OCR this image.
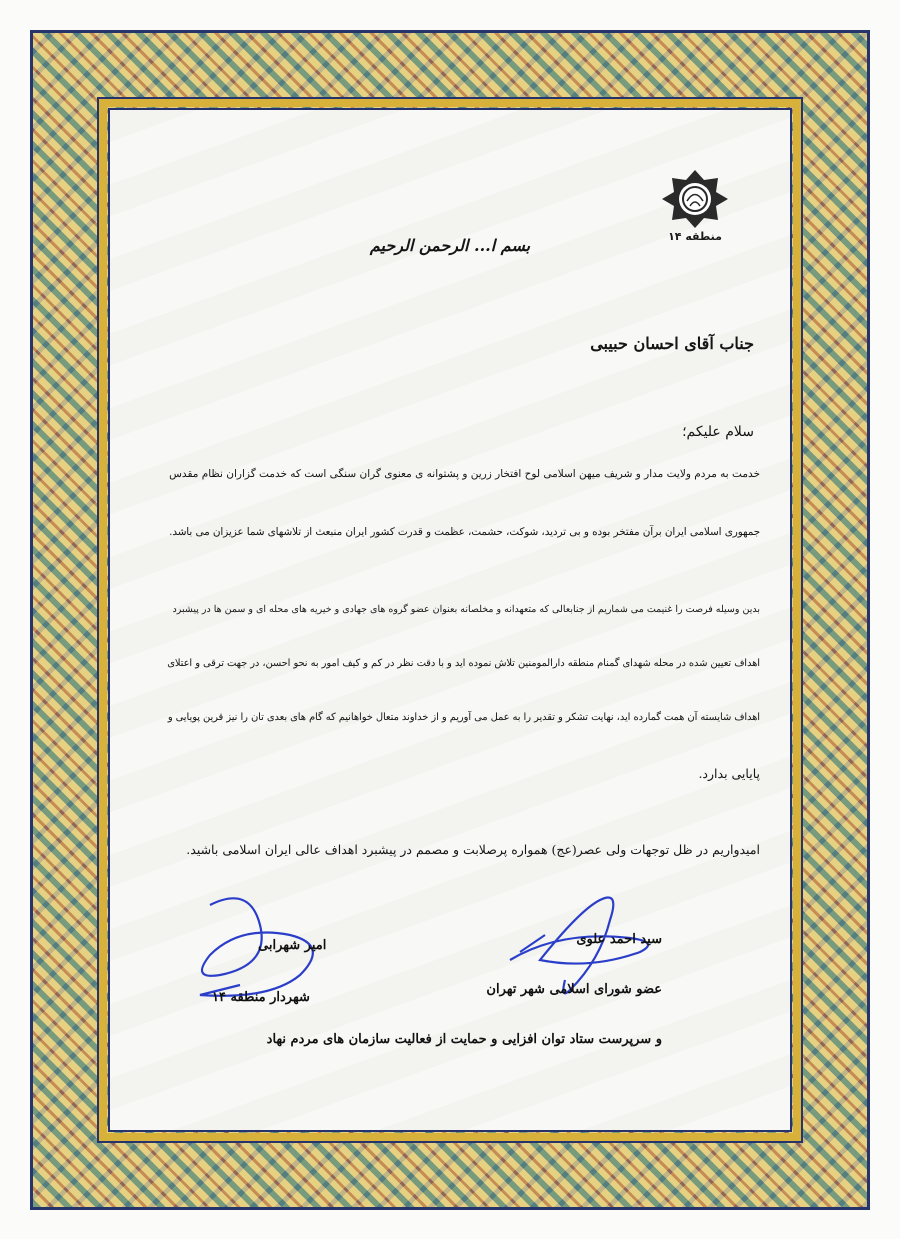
منطقه ۱۴
بسم ا... الرحمن الرحیم
جناب آقای احسان حبیبی
سلام علیکم؛
خدمت به مردم ولایت مدار و شریف میهن اسلامی لوح افتخار زرین و پشتوانه ی معنوی گران سنگی است که خدمت گزاران نظام مقدس
جمهوری اسلامی ایران برآن مفتخر بوده و بی تردید، شوکت، حشمت، عظمت و قدرت کشور ایران منبعث از تلاشهای شما عزیزان می باشد.
بدین وسیله فرصت را غنیمت می شماریم از جنابعالی که متعهدانه و مخلصانه بعنوان عضو گروه های جهادی و خیریه های محله ای و سمن ها در پیشبرد
اهداف تعیین شده در محله شهدای گمنام منطقه دارالمومنین تلاش نموده اید و با دقت نظر در کم و کیف امور به نحو احسن، در جهت ترقی و اعتلای
اهداف شایسته آن همت گمارده اید، نهایت تشکر و تقدیر را به عمل می آوریم و از خداوند متعال خواهانیم که گام های بعدی تان را نیز قرین پویایی و
پایایی بدارد.
امیدواریم در ظل توجهات ولی عصر(عج) همواره پرصلابت و مصمم در پیشبرد اهداف عالی ایران اسلامی باشید.
سید احمد علوی
عضو شورای اسلامی شهر تهران
و سرپرست ستاد توان افزایی و حمایت از فعالیت سازمان های مردم نهاد
امیر شهرابی
شهردار منطقه ۱۴
